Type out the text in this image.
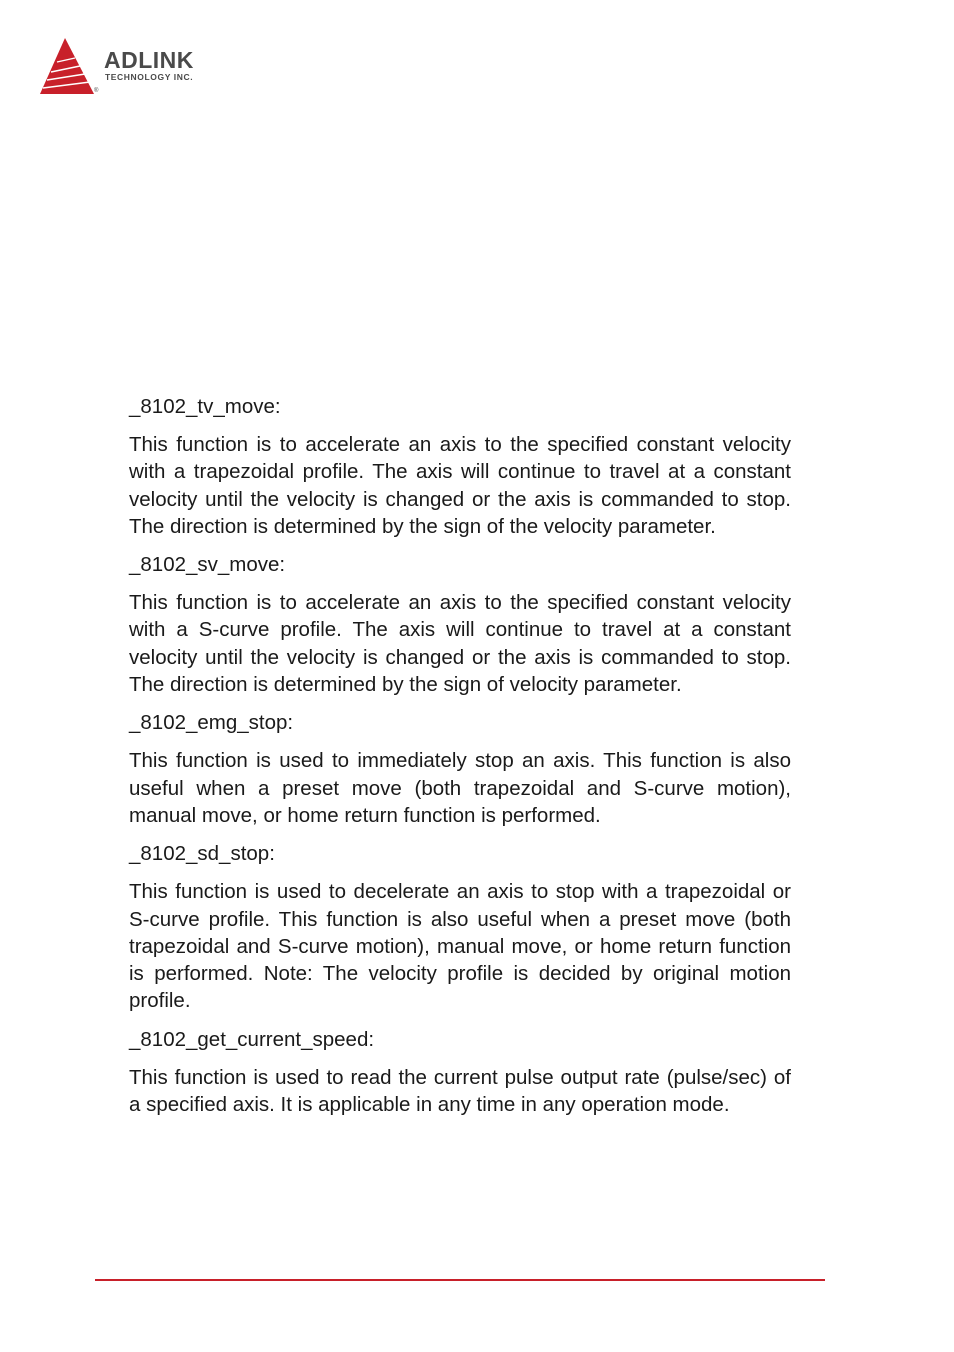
ADLINK
TECHNOLOGY INC.
®

_8102_tv_move:

This function is to accelerate an axis to the specified constant velocity with a trapezoidal profile. The axis will continue to travel at a constant velocity until the velocity is changed or the axis is commanded to stop. The direction is determined by the sign of the velocity parameter.

_8102_sv_move:

This function is to accelerate an axis to the specified constant velocity with a S-curve profile. The axis will continue to travel at a constant velocity until the velocity is changed or the axis is commanded to stop. The direction is determined by the sign of velocity parameter.

_8102_emg_stop:

This function is used to immediately stop an axis. This function is also useful when a preset move (both trapezoidal and S-curve motion), manual move, or home return function is performed.

_8102_sd_stop:

This function is used to decelerate an axis to stop with a trapezoidal or S-curve profile. This function is also useful when a preset move (both trapezoidal and S-curve motion), manual move, or home return function is performed. Note: The velocity profile is decided by original motion profile.

_8102_get_current_speed:

This function is used to read the current pulse output rate (pulse/​sec) of a specified axis. It is applicable in any time in any operation mode.
